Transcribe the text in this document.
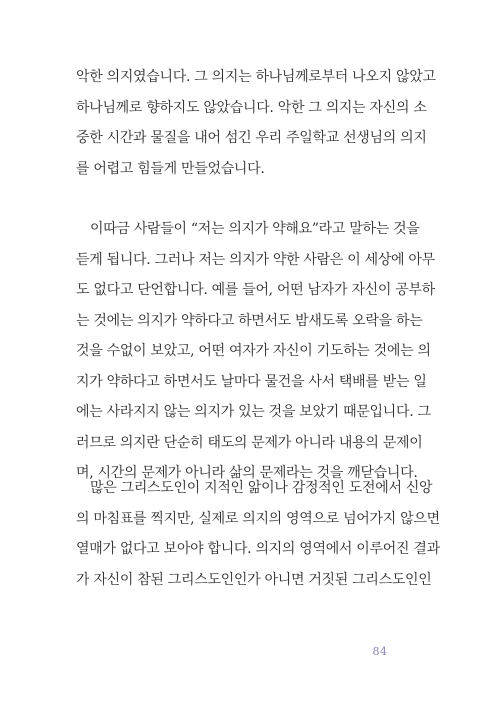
악한 의지였습니다. 그 의지는 하나님께로부터 나오지 않았고
하나님께로 향하지도 않았습니다. 악한 그 의지는 자신의 소
중한 시간과 물질을 내어 섬긴 우리 주일학교 선생님의 의지
를 어렵고 힘들게 만들었습니다.
이따금 사람들이 “저는 의지가 약해요”라고 말하는 것을
듣게 됩니다. 그러나 저는 의지가 약한 사람은 이 세상에 아무
도 없다고 단언합니다. 예를 들어, 어떤 남자가 자신이 공부하
는 것에는 의지가 약하다고 하면서도 밤새도록 오락을 하는
것을 수없이 보았고, 어떤 여자가 자신이 기도하는 것에는 의
지가 약하다고 하면서도 날마다 물건을 사서 택배를 받는 일
에는 사라지지 않는 의지가 있는 것을 보았기 때문입니다. 그
러므로 의지란 단순히 태도의 문제가 아니라 내용의 문제이
며, 시간의 문제가 아니라 삶의 문제라는 것을 깨닫습니다.
많은 그리스도인이 지적인 앎이나 감정적인 도전에서 신앙
의 마침표를 찍지만, 실제로 의지의 영역으로 넘어가지 않으면
열매가 없다고 보아야 합니다. 의지의 영역에서 이루어진 결과
가 자신이 참된 그리스도인인가 아니면 거짓된 그리스도인인
84
